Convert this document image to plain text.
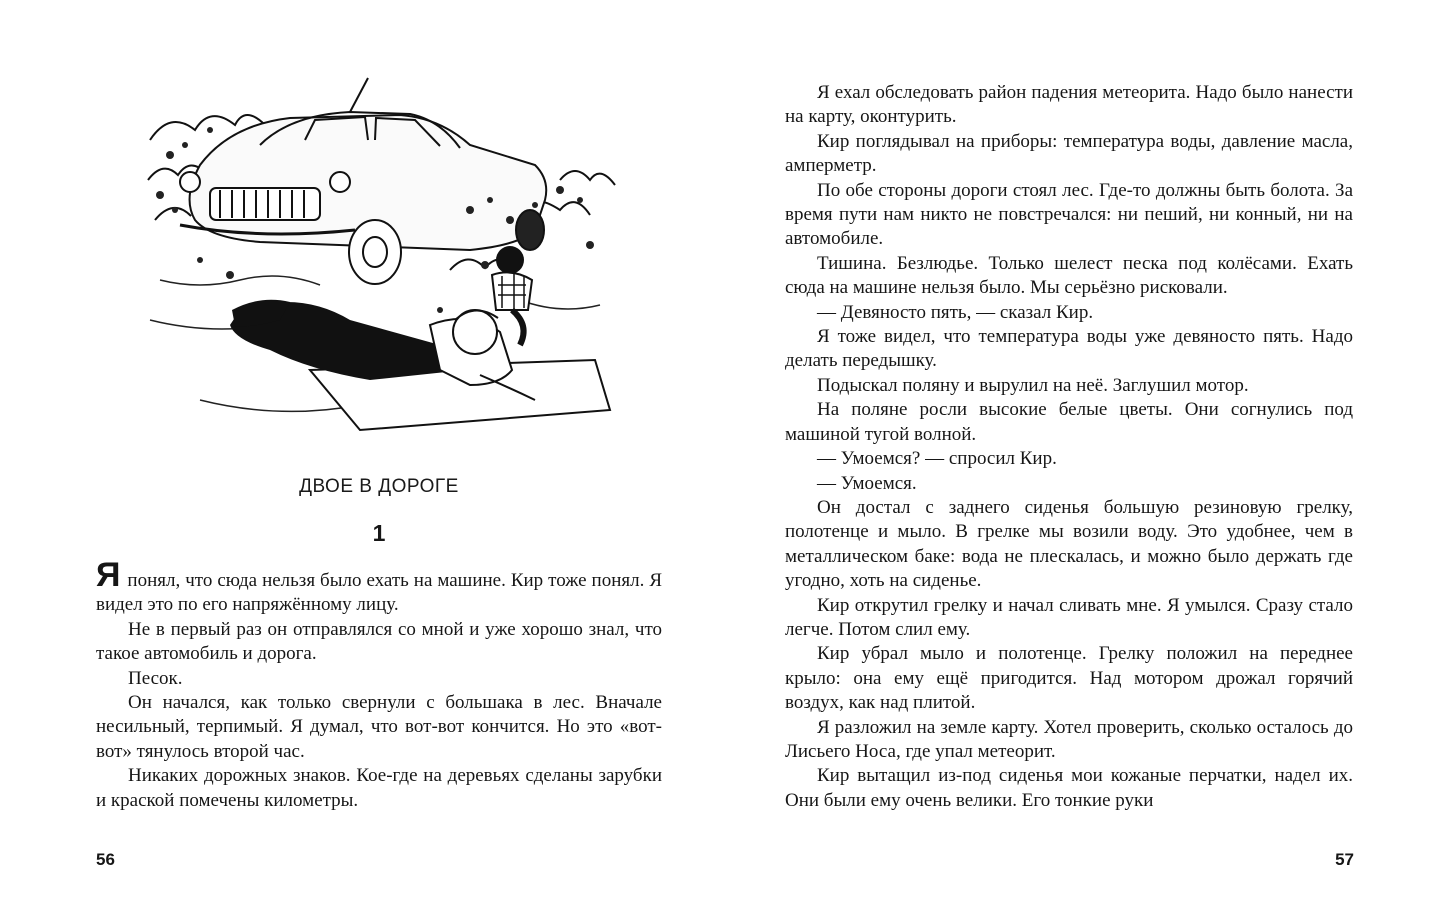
ДВОЕ В ДОРОГЕ
1

Я понял, что сюда нельзя было ехать на машине. Кир тоже понял. Я видел это по его напряжённому лицу.

Не в первый раз он отправлялся со мной и уже хорошо знал, что такое автомобиль и дорога.

Песок.

Он начался, как только свернули с большака в лес. Вначале несильный, терпимый. Я думал, что вот-вот кончится. Но это «вот-вот» тянулось второй час.

Никаких дорожных знаков. Кое-где на деревьях сделаны зарубки и краской помечены километры.

56

Я ехал обследовать район падения метеорита. Надо было нанести на карту, оконтурить.

Кир поглядывал на приборы: температура воды, давление масла, амперметр.

По обе стороны дороги стоял лес. Где-то должны быть болота. За время пути нам никто не повстречался: ни пеший, ни конный, ни на автомобиле.

Тишина. Безлюдье. Только шелест песка под колёсами. Ехать сюда на машине нельзя было. Мы серьёзно рисковали.

— Девяносто пять, — сказал Кир.

Я тоже видел, что температура воды уже девяносто пять. Надо делать передышку.

Подыскал поляну и вырулил на неё. Заглушил мотор.

На поляне росли высокие белые цветы. Они согнулись под машиной тугой волной.

— Умоемся? — спросил Кир.

— Умоемся.

Он достал с заднего сиденья большую резиновую грелку, полотенце и мыло. В грелке мы возили воду. Это удобнее, чем в металлическом баке: вода не плескалась, и можно было держать где угодно, хоть на сиденье.

Кир открутил грелку и начал сливать мне. Я умылся. Сразу стало легче. Потом слил ему.

Кир убрал мыло и полотенце. Грелку положил на переднее крыло: она ему ещё пригодится. Над мотором дрожал горячий воздух, как над плитой.

Я разложил на земле карту. Хотел проверить, сколько осталось до Лисьего Носа, где упал метеорит.

Кир вытащил из-под сиденья мои кожаные перчатки, надел их. Они были ему очень велики. Его тонкие руки

57
